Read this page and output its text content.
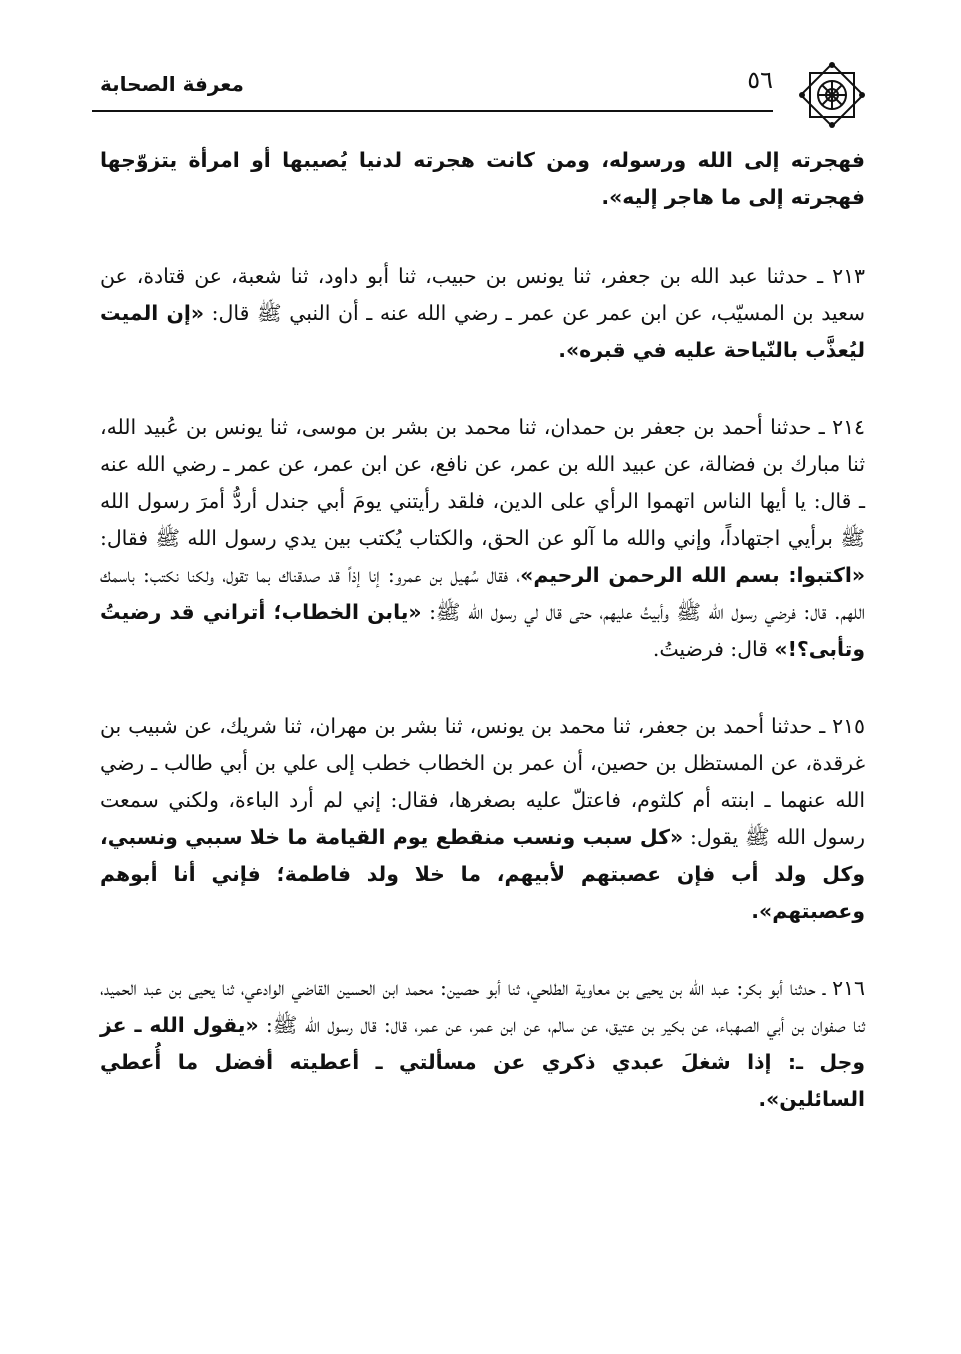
٥٦
معرفة الصحابة

فهجرته إلى الله ورسوله، ومن كانت هجرته لدنيا يُصيبها أو امرأة يتزوّجها فهجرته إلى ما هاجر إليه».

٢١٣ ـ حدثنا عبد الله بن جعفر، ثنا يونس بن حبيب، ثنا أبو داود، ثنا شعبة، عن قتادة، عن سعيد بن المسيّب، عن ابن عمر عن عمر ـ رضي الله عنه ـ أن النبي ﷺ قال: «إن الميت ليُعذَّب بالنّياحة عليه في قبره».

٢١٤ ـ حدثنا أحمد بن جعفر بن حمدان، ثنا محمد بن بشر بن موسى، ثنا يونس بن عُبيد الله، ثنا مبارك بن فضالة، عن عبيد الله بن عمر، عن نافع، عن ابن عمر، عن عمر ـ رضي الله عنه ـ قال: يا أيها الناس اتهموا الرأي على الدين، فلقد رأيتني يومَ أبي جندل أردُّ أمرَ رسول الله ﷺ برأيي اجتهاداً، وإني والله ما آلو عن الحق، والكتاب يُكتب بين يدي رسول الله ﷺ فقال: «اكتبوا: بسم الله الرحمن الرحيم»، فقال سُهيل بن عمرو: إنا إذاً قد صدقناك بما تقول، ولكنا نكتب: باسمك اللهم. قال: فرضي رسول الله ﷺ وأبيتُ عليهم، حتى قال لي رسول الله ﷺ: «يابن الخطاب؛ أتراني قد رضيتُ وتأبى؟!» قال: فرضيتُ.

٢١٥ ـ حدثنا أحمد بن جعفر، ثنا محمد بن يونس، ثنا بشر بن مهران، ثنا شريك، عن شبيب بن غرقدة، عن المستظل بن حصين، أن عمر بن الخطاب خطب إلى علي بن أبي طالب ـ رضي الله عنهما ـ ابنته أم كلثوم، فاعتلّ عليه بصغرها، فقال: إني لم أرد الباءة، ولكني سمعت رسول الله ﷺ يقول: «كل سبب ونسب منقطع يوم القيامة ما خلا سببي ونسبي، وكل ولد أب فإن عصبتهم لأبيهم، ما خلا ولد فاطمة؛ فإني أنا أبوهم وعصبتهم».

٢١٦ ـ حدثنا أبو بكر: عبد الله بن يحيى بن معاوية الطلحي، ثنا أبو حصين: محمد ابن الحسين القاضي الوادعي، ثنا يحيى بن عبد الحميد، ثنا صفوان بن أبي الصهباء، عن بكير بن عتيق، عن سالم، عن ابن عمر، عن عمر، قال: قال رسول الله ﷺ: «يقول الله ـ عز وجل ـ: إذا شغلَ عبدي ذكري عن مسألتي ـ أعطيته أفضل ما أُعطي السائلين».
